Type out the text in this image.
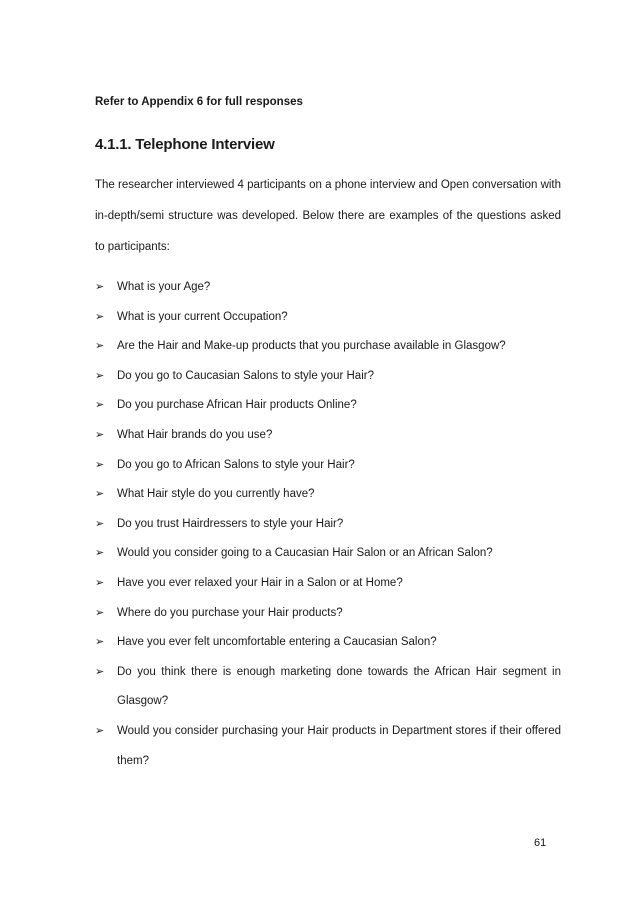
Refer to Appendix 6 for full responses

4.1.1. Telephone Interview

The researcher interviewed 4 participants on a phone interview and Open conversation with in-depth/semi structure was developed. Below there are examples of the questions asked to participants:

➢	What is your Age?
➢	What is your current Occupation?
➢	Are the Hair and Make-up products that you purchase available in Glasgow?
➢	Do you go to Caucasian Salons to style your Hair?
➢	Do you purchase African Hair products Online?
➢	What Hair brands do you use?
➢	Do you go to African Salons to style your Hair?
➢	What Hair style do you currently have?
➢	Do you trust Hairdressers to style your Hair?
➢	Would you consider going to a Caucasian Hair Salon or an African Salon?
➢	Have you ever relaxed your Hair in a Salon or at Home?
➢	Where do you purchase your Hair products?
➢	Have you ever felt uncomfortable entering a Caucasian Salon?
➢	Do you think there is enough marketing done towards the African Hair segment in Glasgow?
➢	Would you consider purchasing your Hair products in Department stores if their offered them?
61
